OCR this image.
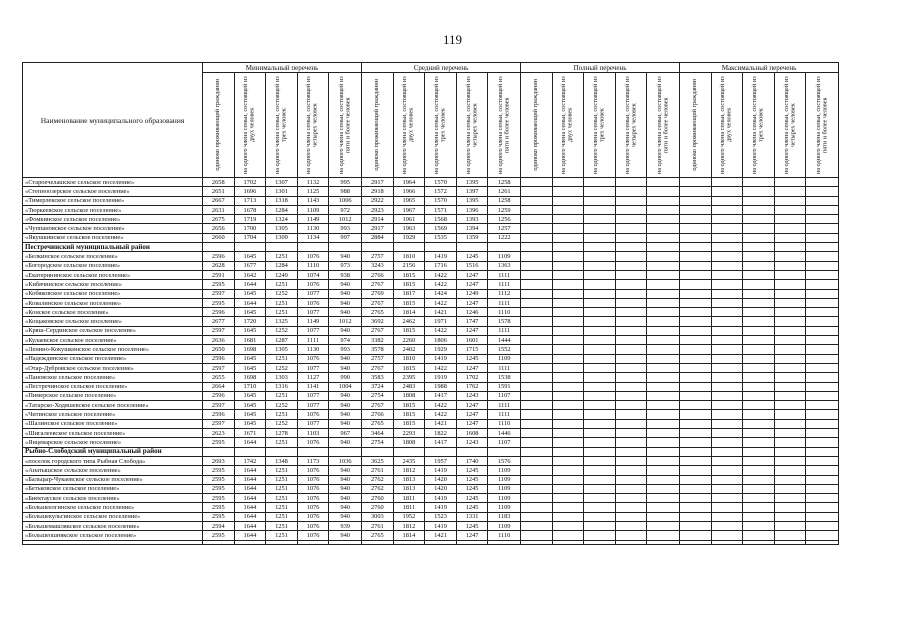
119
Наименование муниципального образования	Минимальный перечень					Средний перечень					Полный перечень					Максимальный перечень				

	одиноко проживающий гражданин	на одного члена семьи, состоящей из двух человек	на одного члена семьи, состоящей из трех человек	на одного члена семьи, состоящей из четырех человек	на одного члена семьи, состоящей из пяти и более человек	одиноко проживающий гражданин	на одного члена семьи, состоящей из двух человек	на одного члена семьи, состоящей из трех человек	на одного члена семьи, состоящей из четырех человек	на одного члена семьи, состоящей из пяти и более человек	одиноко проживающий гражданин	на одного члена семьи, состоящей из двух человек	на одного члена семьи, состоящей из трех человек	на одного члена семьи, состоящей из четырех человек	на одного члена семьи, состоящей из пяти и более человек	одиноко проживающий гражданин	на одного члена семьи, состоящей из двух человек	на одного члена семьи, состоящей из трех человек	на одного члена семьи, состоящей из четырех человек	на одного члена семьи, состоящей из пяти и более человек

«Староечелашское сельское поселение»	2658	1702	1307	1132	995	2917	1964	1570	1395	1258										
«Степноозерское сельское поселение»	2651	1696	1301	1125	988	2918	1966	1572	1397	1261										
«Тимерлекское сельское поселение»	2667	1713	1318	1143	1006	2922	1965	1570	1395	1258										
«Тюркеевское сельское поселение»	2631	1678	1284	1109	972	2923	1967	1571	1396	1259										
«Фомкинское сельское поселение»	2675	1719	1324	1149	1012	2914	1961	1568	1393	1256										
«Чуппановское сельское поселение»	2656	1700	1305	1130	993	2917	1963	1569	1394	1257										
«Якушкинское сельское поселение»	2660	1704	1309	1134	997	2884	1929	1535	1359	1222										
Пестречинский муниципальный район																				
«Белкинское сельское поселение»	2596	1645	1251	1076	940	2757	1810	1419	1245	1109										
«Богородское сельское поселение»	2628	1677	1284	1110	973	3243	2156	1716	1516	1363										
«Екатерининское сельское поселение»	2591	1642	1249	1074	938	2766	1815	1422	1247	1111										
«Кибячинское сельское поселение»	2595	1644	1251	1076	940	2767	1815	1422	1247	1111										
«Кобяковское сельское поселение»	2597	1645	1252	1077	940	2769	1817	1424	1249	1112										
«Ковалинское сельское поселение»	2595	1644	1251	1076	940	2767	1815	1422	1247	1111										
«Конское сельское поселение»	2596	1645	1251	1077	940	2765	1814	1421	1246	1110										
«Кощаковское сельское поселение»	2677	1720	1325	1149	1012	3692	2462	1971	1747	1578										
«Кряш-Сердинское сельское поселение»	2597	1645	1252	1077	940	2767	1815	1422	1247	1111										
«Кулаевское сельское поселение»	2636	1681	1287	1111	974	3382	2260	1806	1601	1444										
«Ленино-Кокушкинское сельское поселение»	2650	1698	1305	1130	993	3578	2402	1929	1715	1552										
«Надеждинское сельское поселение»	2596	1645	1251	1076	940	2757	1810	1419	1245	1109										
«Отар-Дубровское сельское поселение»	2597	1645	1252	1077	940	2767	1815	1422	1247	1111										
«Пановское сельское поселение»	2655	1698	1303	1127	990	3583	2395	1919	1702	1538										
«Пестречинское сельское поселение»	2664	1710	1316	1141	1004	3724	2483	1988	1762	1591										
«Пимерское сельское поселение»	2596	1645	1251	1077	940	2754	1808	1417	1243	1107										
«Татарско-Ходяшевское сельское поселение»	2597	1645	1252	1077	940	2767	1815	1422	1247	1111										
«Читинское сельское поселение»	2596	1645	1251	1076	940	2766	1815	1422	1247	1111										
«Шалинское сельское поселение»	2597	1645	1252	1077	940	2765	1815	1421	1247	1110										
«Шигалеевское сельское поселение»	2623	1671	1278	1103	967	3464	2293	1822	1608	1446										
«Янцеварское сельское поселение»	2595	1644	1251	1076	940	2754	1808	1417	1243	1107										
Рыбно-Слободский муниципальный район																				
«поселок городского типа Рыбная Слобода»	2693	1742	1348	1173	1036	3625	2435	1957	1740	1576										
«Анатышское сельское поселение»	2595	1644	1251	1076	940	2761	1812	1419	1245	1109										
«Бальцыр-Чукаевское сельское поселение»	2595	1644	1251	1076	940	2762	1813	1420	1245	1109										
«Бетьковское сельское поселение»	2595	1644	1251	1076	940	2762	1813	1420	1245	1109										
«Биектауское сельское поселение»	2595	1644	1251	1076	940	2760	1811	1419	1245	1109										
«Большеелгинское сельское поселение»	2595	1644	1251	1076	940	2760	1811	1419	1245	1109										
«Большекульгинское сельское поселение»	2595	1644	1251	1076	940	3003	1952	1523	1331	1183										
«Большемашлякское сельское поселение»	2594	1644	1251	1076	939	2761	1812	1419	1245	1109										
«Большеошнякское сельское поселение»	2595	1644	1251	1076	940	2765	1814	1421	1247	1110										
